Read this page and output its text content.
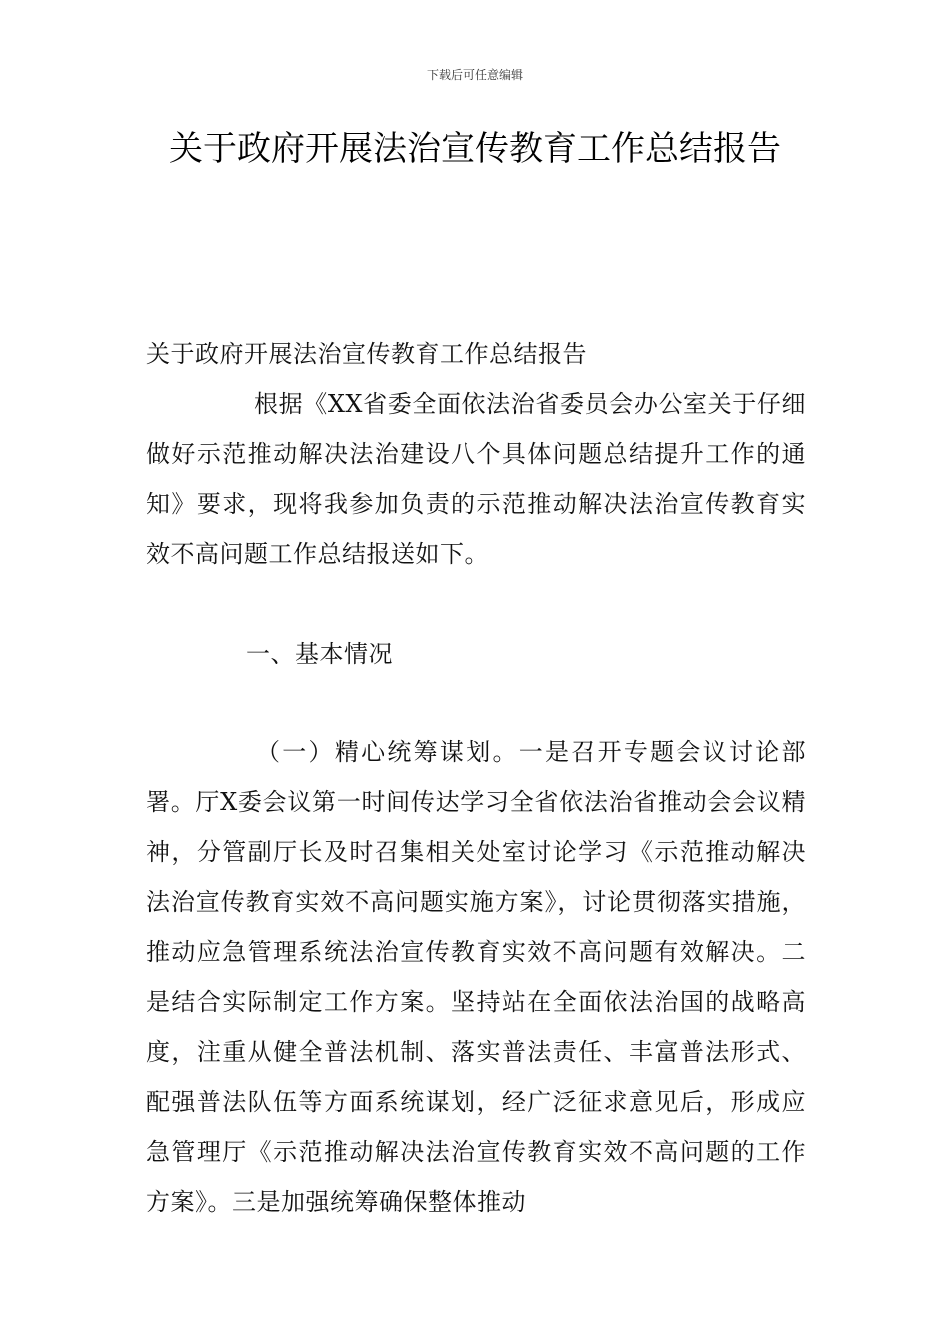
下载后可任意编辑
关于政府开展法治宣传教育工作总结报告

关于政府开展法治宣传教育工作总结报告

根据《XX省委全面依法治省委员会办公室关于仔细做好示范推动解决法治建设八个具体问题总结提升工作的通知》要求，现将我参加负责的示范推动解决法治宣传教育实效不高问题工作总结报送如下。

一、基本情况

（一）精心统筹谋划。一是召开专题会议讨论部署。厅X委会议第一时间传达学习全省依法治省推动会会议精神，分管副厅长及时召集相关处室讨论学习《示范推动解决法治宣传教育实效不高问题实施方案》，讨论贯彻落实措施，推动应急管理系统法治宣传教育实效不高问题有效解决。二是结合实际制定工作方案。坚持站在全面依法治国的战略高度，注重从健全普法机制、落实普法责任、丰富普法形式、配强普法队伍等方面系统谋划，经广泛征求意见后，形成应急管理厅《示范推动解决法治宣传教育实效不高问题的工作方案》。三是加强统筹确保整体推动
